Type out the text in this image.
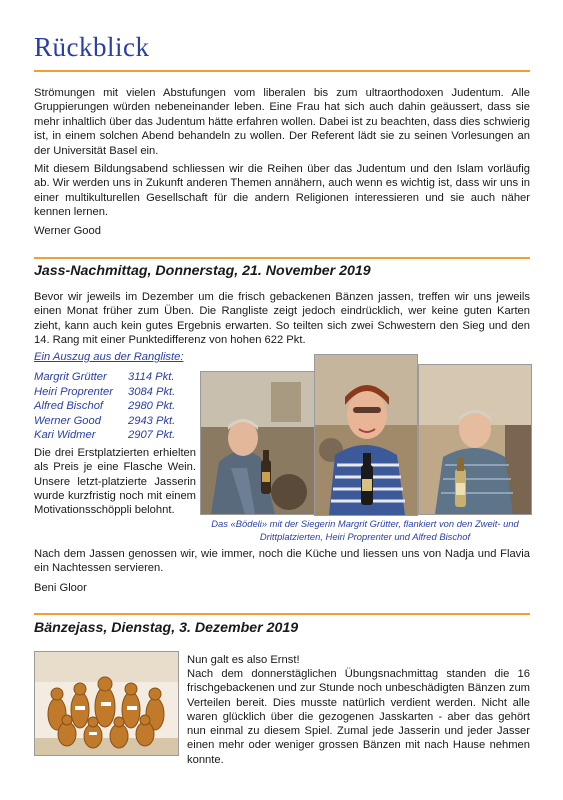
Rückblick

Strömungen mit vielen Abstufungen vom liberalen bis zum ultraorthodoxen Judentum. Alle Gruppierungen würden nebeneinander leben. Eine Frau hat sich auch dahin geäussert, dass sie mehr inhaltlich über das Judentum hätte erfahren wollen. Dabei ist zu beachten, dass dies schwierig ist, in einem solchen Abend behandeln zu wollen. Der Referent lädt sie zu seinen Vorlesungen an der Universität Basel ein.

Mit diesem Bildungsabend schliessen wir die Reihen über das Judentum und den Islam vorläufig ab. Wir werden uns in Zukunft anderen Themen annähern, auch wenn es wichtig ist, dass wir uns in einer multikulturellen Gesellschaft für die andern Religionen interessieren und sie auch näher kennen lernen.

Werner Good

Jass-Nachmittag, Donnerstag, 21. November 2019

Bevor wir jeweils im Dezember um die frisch gebackenen Bänzen jassen, treffen wir uns jeweils einen Monat früher zum Üben. Die Rangliste zeigt jedoch eindrücklich, wer keine guten Karten zieht, kann auch kein gutes Ergebnis erwarten. So teilten sich zwei Schwestern den Sieg und den 14. Rang mit einer Punktedifferenz von hohen 622 Pkt.

Ein Auszug aus der Rangliste:

Margrit Grütter	3114 Pkt.
Heiri Proprenter	3084 Pkt.
Alfred Bischof	2980 Pkt.
Werner Good	2943 Pkt.
Kari Widmer	2907 Pkt.

Die drei Erstplatzierten erhielten als Preis je eine Flasche Wein. Unsere letzt-platzierte Jasserin wurde kurzfristig noch mit einem Motivationsschöppli belohnt.

Das «Bödeli» mit der Siegerin Margrit Grütter, flankiert von den Zweit- und Drittplatzierten, Heiri Proprenter und Alfred Bischof

Nach dem Jassen genossen wir, wie immer, noch die Küche und liessen uns von Nadja und Flavia ein Nachtessen servieren.

Beni Gloor

Bänzejass, Dienstag, 3. Dezember 2019

Nun galt es also Ernst!

Nach dem donnerstäglichen Übungsnachmittag standen die 16 frischgebackenen und zur Stunde noch unbeschädigten Bänzen zum Verteilen bereit. Dies musste natürlich verdient werden. Nicht alle waren glücklich über die gezogenen Jasskarten - aber das gehört nun einmal zu diesem Spiel. Zumal jede Jasserin und jeder Jasser einen mehr oder weniger grossen Bänzen mit nach Hause nehmen konnte.
